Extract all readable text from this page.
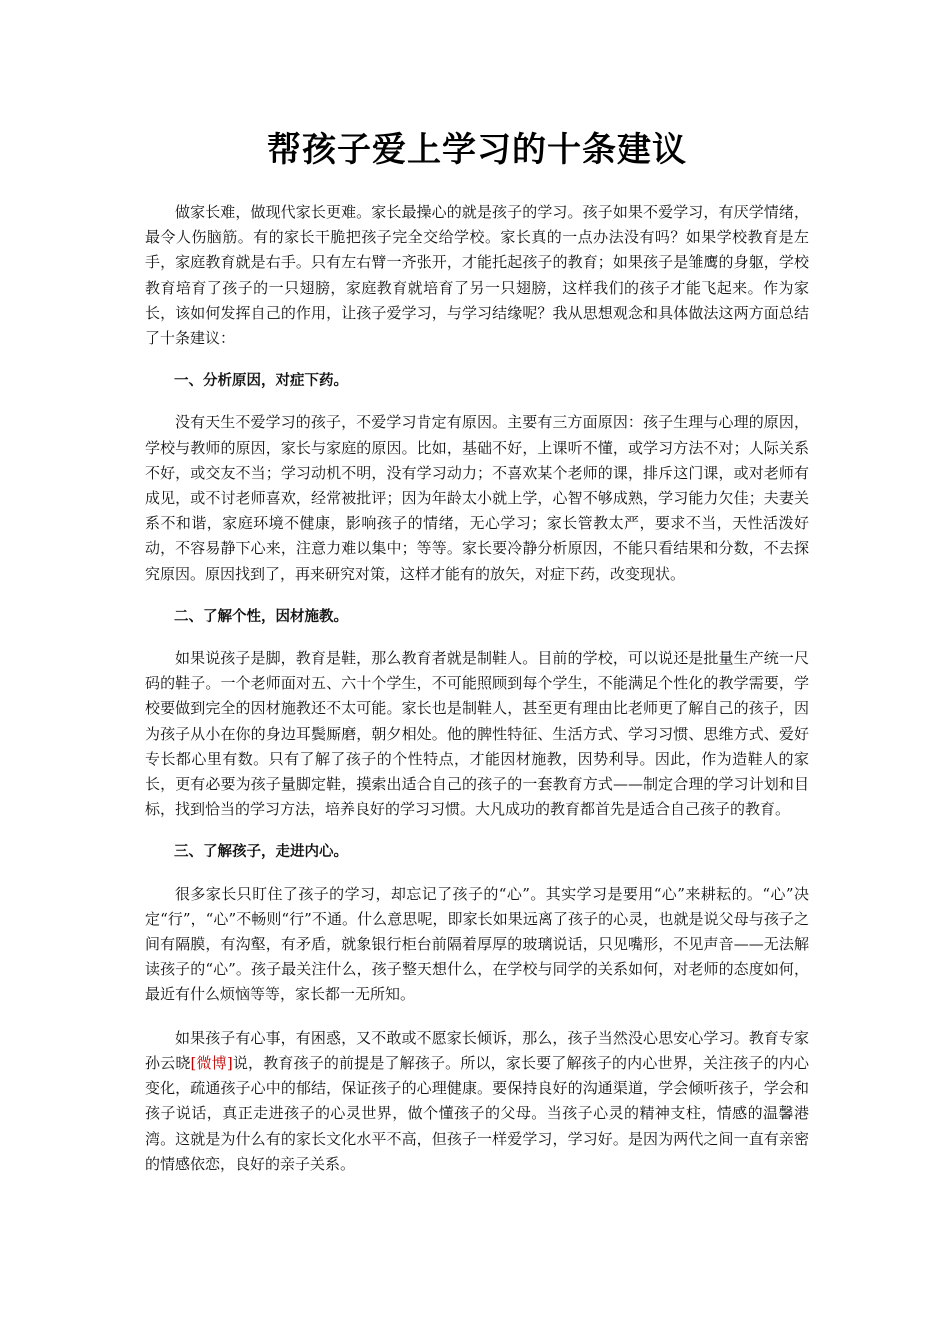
帮孩子爱上学习的十条建议

做家长难，做现代家长更难。家长最操心的就是孩子的学习。孩子如果不爱学习，有厌学情绪，最令人伤脑筋。有的家长干脆把孩子完全交给学校。家长真的一点办法没有吗？如果学校教育是左手，家庭教育就是右手。只有左右臂一齐张开，才能托起孩子的教育；如果孩子是雏鹰的身躯，学校教育培育了孩子的一只翅膀，家庭教育就培育了另一只翅膀，这样我们的孩子才能飞起来。作为家长，该如何发挥自己的作用，让孩子爱学习，与学习结缘呢？我从思想观念和具体做法这两方面总结了十条建议：

一、分析原因，对症下药。

没有天生不爱学习的孩子，不爱学习肯定有原因。主要有三方面原因：孩子生理与心理的原因，学校与教师的原因，家长与家庭的原因。比如，基础不好，上课听不懂，或学习方法不对；人际关系不好，或交友不当；学习动机不明，没有学习动力；不喜欢某个老师的课，排斥这门课，或对老师有成见，或不讨老师喜欢，经常被批评；因为年龄太小就上学，心智不够成熟，学习能力欠佳；夫妻关系不和谐，家庭环境不健康，影响孩子的情绪，无心学习；家长管教太严，要求不当，天性活泼好动，不容易静下心来，注意力难以集中；等等。家长要冷静分析原因，不能只看结果和分数，不去探究原因。原因找到了，再来研究对策，这样才能有的放矢，对症下药，改变现状。

二、了解个性，因材施教。

如果说孩子是脚，教育是鞋，那么教育者就是制鞋人。目前的学校，可以说还是批量生产统一尺码的鞋子。一个老师面对五、六十个学生，不可能照顾到每个学生，不能满足个性化的教学需要，学校要做到完全的因材施教还不太可能。家长也是制鞋人，甚至更有理由比老师更了解自己的孩子，因为孩子从小在你的身边耳鬓厮磨，朝夕相处。他的脾性特征、生活方式、学习习惯、思维方式、爱好专长都心里有数。只有了解了孩子的个性特点，才能因材施教，因势利导。因此，作为造鞋人的家长，更有必要为孩子量脚定鞋，摸索出适合自己的孩子的一套教育方式——制定合理的学习计划和目标，找到恰当的学习方法，培养良好的学习习惯。大凡成功的教育都首先是适合自己孩子的教育。

三、了解孩子，走进内心。

很多家长只盯住了孩子的学习，却忘记了孩子的“心”。其实学习是要用“心”来耕耘的。“心”决定“行”，“心”不畅则“行”不通。什么意思呢，即家长如果远离了孩子的心灵，也就是说父母与孩子之间有隔膜，有沟壑，有矛盾，就象银行柜台前隔着厚厚的玻璃说话，只见嘴形，不见声音——无法解读孩子的“心”。孩子最关注什么，孩子整天想什么，在学校与同学的关系如何，对老师的态度如何，最近有什么烦恼等等，家长都一无所知。

如果孩子有心事，有困惑，又不敢或不愿家长倾诉，那么，孩子当然没心思安心学习。教育专家孙云晓[微博]说，教育孩子的前提是了解孩子。所以，家长要了解孩子的内心世界，关注孩子的内心变化，疏通孩子心中的郁结，保证孩子的心理健康。要保持良好的沟通渠道，学会倾听孩子，学会和孩子说话，真正走进孩子的心灵世界，做个懂孩子的父母。当孩子心灵的精神支柱，情感的温馨港湾。这就是为什么有的家长文化水平不高，但孩子一样爱学习，学习好。是因为两代之间一直有亲密的情感依恋，良好的亲子关系。
